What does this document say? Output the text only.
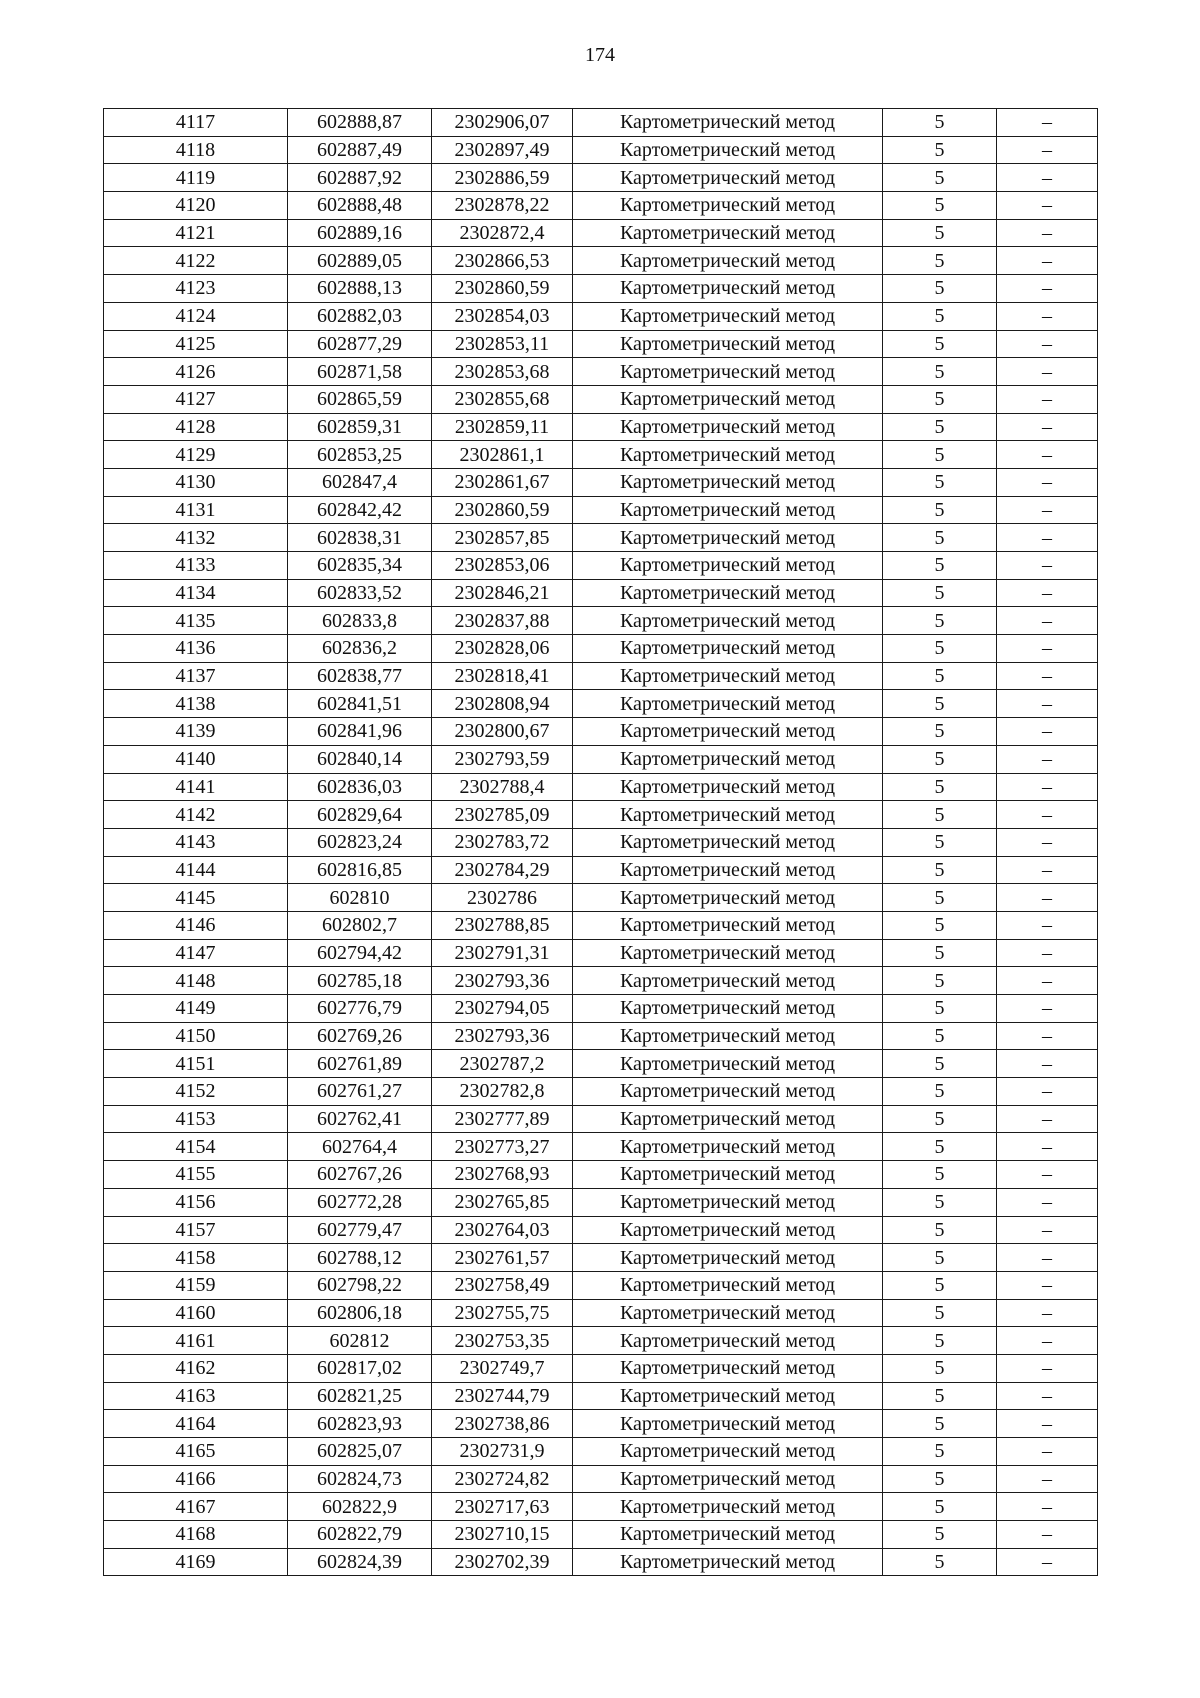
174
4117	602888,87	2302906,07	Картометрический метод	5	–
4118	602887,49	2302897,49	Картометрический метод	5	–
4119	602887,92	2302886,59	Картометрический метод	5	–
4120	602888,48	2302878,22	Картометрический метод	5	–
4121	602889,16	2302872,4	Картометрический метод	5	–
4122	602889,05	2302866,53	Картометрический метод	5	–
4123	602888,13	2302860,59	Картометрический метод	5	–
4124	602882,03	2302854,03	Картометрический метод	5	–
4125	602877,29	2302853,11	Картометрический метод	5	–
4126	602871,58	2302853,68	Картометрический метод	5	–
4127	602865,59	2302855,68	Картометрический метод	5	–
4128	602859,31	2302859,11	Картометрический метод	5	–
4129	602853,25	2302861,1	Картометрический метод	5	–
4130	602847,4	2302861,67	Картометрический метод	5	–
4131	602842,42	2302860,59	Картометрический метод	5	–
4132	602838,31	2302857,85	Картометрический метод	5	–
4133	602835,34	2302853,06	Картометрический метод	5	–
4134	602833,52	2302846,21	Картометрический метод	5	–
4135	602833,8	2302837,88	Картометрический метод	5	–
4136	602836,2	2302828,06	Картометрический метод	5	–
4137	602838,77	2302818,41	Картометрический метод	5	–
4138	602841,51	2302808,94	Картометрический метод	5	–
4139	602841,96	2302800,67	Картометрический метод	5	–
4140	602840,14	2302793,59	Картометрический метод	5	–
4141	602836,03	2302788,4	Картометрический метод	5	–
4142	602829,64	2302785,09	Картометрический метод	5	–
4143	602823,24	2302783,72	Картометрический метод	5	–
4144	602816,85	2302784,29	Картометрический метод	5	–
4145	602810	2302786	Картометрический метод	5	–
4146	602802,7	2302788,85	Картометрический метод	5	–
4147	602794,42	2302791,31	Картометрический метод	5	–
4148	602785,18	2302793,36	Картометрический метод	5	–
4149	602776,79	2302794,05	Картометрический метод	5	–
4150	602769,26	2302793,36	Картометрический метод	5	–
4151	602761,89	2302787,2	Картометрический метод	5	–
4152	602761,27	2302782,8	Картометрический метод	5	–
4153	602762,41	2302777,89	Картометрический метод	5	–
4154	602764,4	2302773,27	Картометрический метод	5	–
4155	602767,26	2302768,93	Картометрический метод	5	–
4156	602772,28	2302765,85	Картометрический метод	5	–
4157	602779,47	2302764,03	Картометрический метод	5	–
4158	602788,12	2302761,57	Картометрический метод	5	–
4159	602798,22	2302758,49	Картометрический метод	5	–
4160	602806,18	2302755,75	Картометрический метод	5	–
4161	602812	2302753,35	Картометрический метод	5	–
4162	602817,02	2302749,7	Картометрический метод	5	–
4163	602821,25	2302744,79	Картометрический метод	5	–
4164	602823,93	2302738,86	Картометрический метод	5	–
4165	602825,07	2302731,9	Картометрический метод	5	–
4166	602824,73	2302724,82	Картометрический метод	5	–
4167	602822,9	2302717,63	Картометрический метод	5	–
4168	602822,79	2302710,15	Картометрический метод	5	–
4169	602824,39	2302702,39	Картометрический метод	5	–
